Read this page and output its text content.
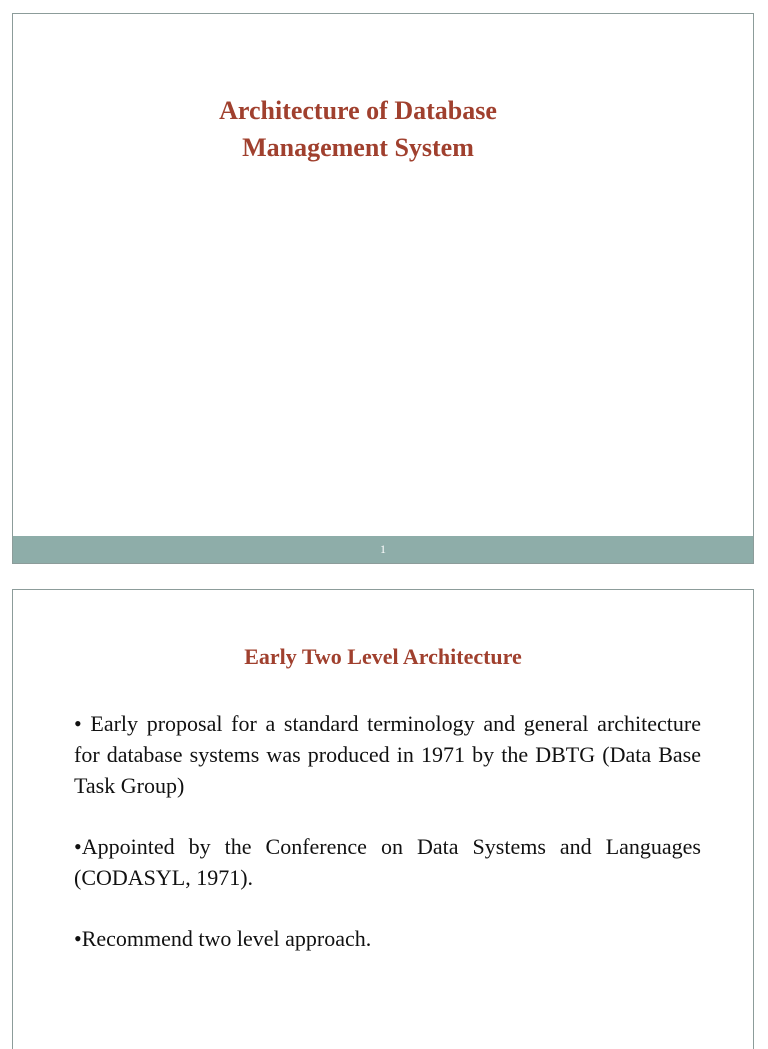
Architecture of Database
Management System
1
Early Two Level Architecture
• Early proposal for a standard terminology and general architecture for database systems was produced in 1971 by the DBTG (Data Base Task Group)
•Appointed by the Conference on Data Systems and Languages (CODASYL, 1971).
•Recommend two level approach.
